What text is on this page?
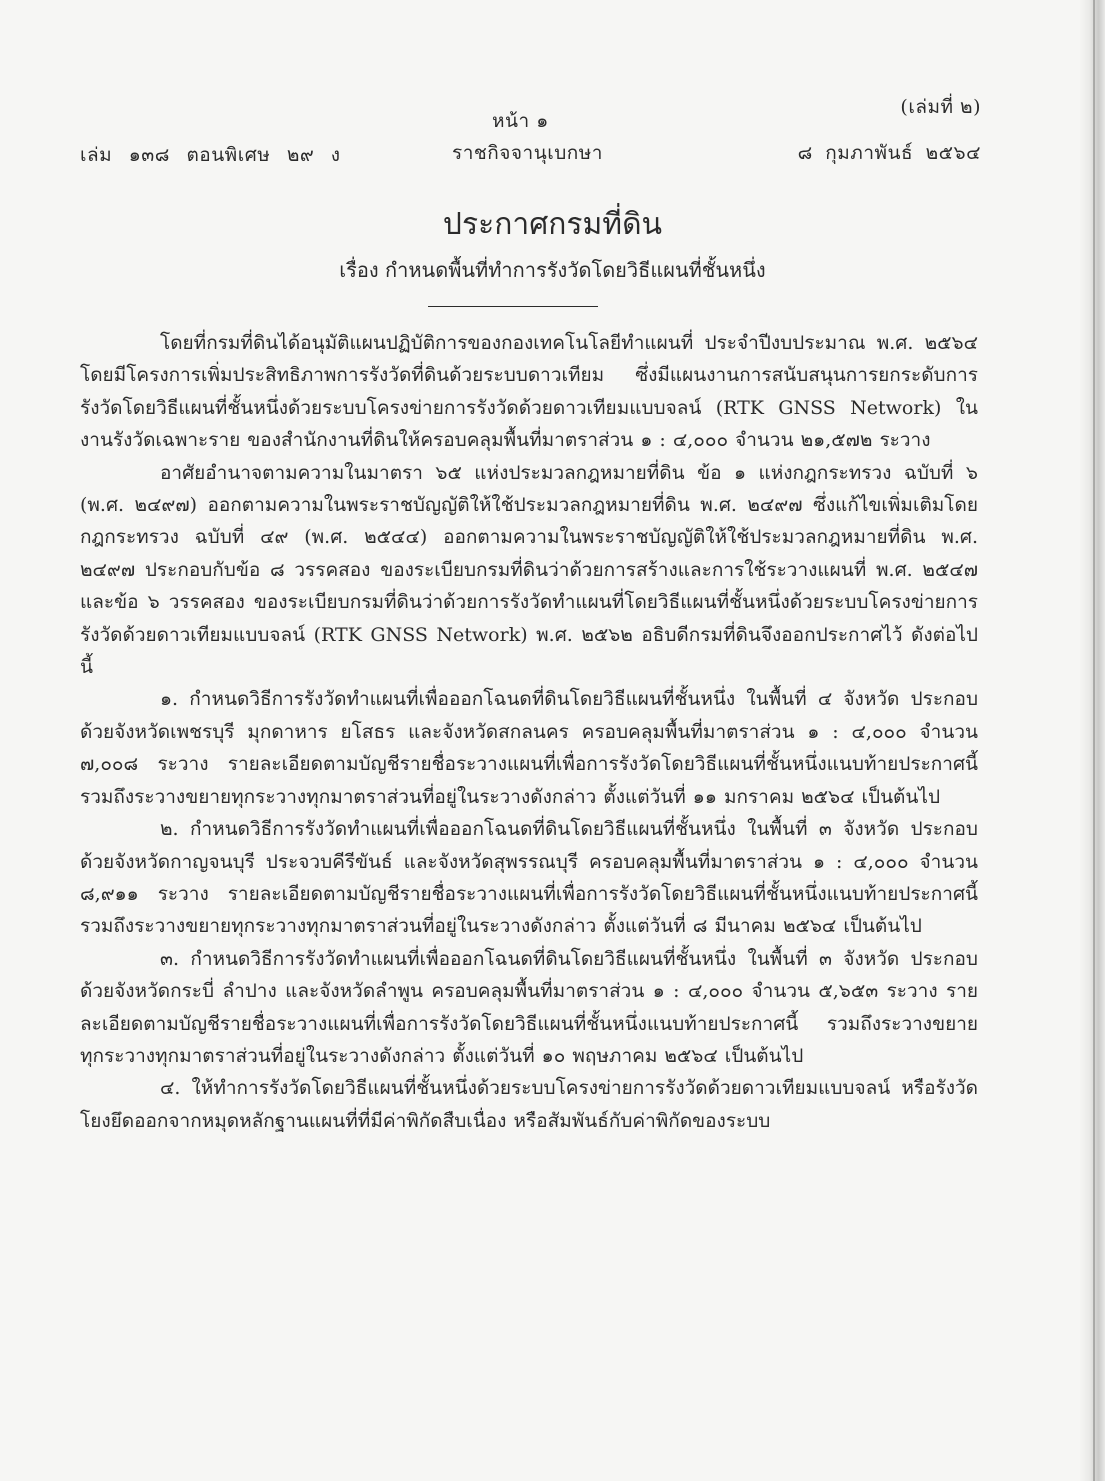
หน้า ๑
(เล่มที่ ๒)
เล่ม ๑๓๘ ตอนพิเศษ ๒๙ ง	ราชกิจจานุเบกษา	๘ กุมภาพันธ์ ๒๕๖๔
ประกาศกรมที่ดิน
เรื่อง กำหนดพื้นที่ทำการรังวัดโดยวิธีแผนที่ชั้นหนึ่ง

โดยที่กรมที่ดินได้อนุมัติแผนปฏิบัติการของกองเทคโนโลยีทำแผนที่ ประจำปีงบประมาณ พ.ศ. ๒๕๖๔ โดยมีโครงการเพิ่มประสิทธิภาพการรังวัดที่ดินด้วยระบบดาวเทียม ซึ่งมีแผนงานการสนับสนุนการยกระดับการรังวัดโดยวิธีแผนที่ชั้นหนึ่งด้วยระบบโครงข่ายการรังวัดด้วยดาวเทียมแบบจลน์ (RTK GNSS Network) ในงานรังวัดเฉพาะราย ของสำนักงานที่ดินให้ครอบคลุมพื้นที่มาตราส่วน ๑ : ๔,๐๐๐ จำนวน ๒๑,๕๗๒ ระวาง

อาศัยอำนาจตามความในมาตรา ๖๕ แห่งประมวลกฎหมายที่ดิน ข้อ ๑ แห่งกฎกระทรวง ฉบับที่ ๖ (พ.ศ. ๒๔๙๗) ออกตามความในพระราชบัญญัติให้ใช้ประมวลกฎหมายที่ดิน พ.ศ. ๒๔๙๗ ซึ่งแก้ไขเพิ่มเติมโดยกฎกระทรวง ฉบับที่ ๔๙ (พ.ศ. ๒๕๔๔) ออกตามความในพระราชบัญญัติให้ใช้ประมวลกฎหมายที่ดิน พ.ศ. ๒๔๙๗ ประกอบกับข้อ ๘ วรรคสอง ของระเบียบกรมที่ดินว่าด้วยการสร้างและการใช้ระวางแผนที่ พ.ศ. ๒๕๔๗ และข้อ ๖ วรรคสอง ของระเบียบกรมที่ดินว่าด้วยการรังวัดทำแผนที่โดยวิธีแผนที่ชั้นหนึ่งด้วยระบบโครงข่ายการรังวัดด้วยดาวเทียมแบบจลน์ (RTK GNSS Network) พ.ศ. ๒๕๖๒ อธิบดีกรมที่ดินจึงออกประกาศไว้ ดังต่อไปนี้

๑. กำหนดวิธีการรังวัดทำแผนที่เพื่อออกโฉนดที่ดินโดยวิธีแผนที่ชั้นหนึ่ง ในพื้นที่ ๔ จังหวัด ประกอบด้วยจังหวัดเพชรบุรี มุกดาหาร ยโสธร และจังหวัดสกลนคร ครอบคลุมพื้นที่มาตราส่วน ๑ : ๔,๐๐๐ จำนวน ๗,๐๐๘ ระวาง รายละเอียดตามบัญชีรายชื่อระวางแผนที่เพื่อการรังวัดโดยวิธีแผนที่ชั้นหนึ่งแนบท้ายประกาศนี้ รวมถึงระวางขยายทุกระวางทุกมาตราส่วนที่อยู่ในระวางดังกล่าว ตั้งแต่วันที่ ๑๑ มกราคม ๒๕๖๔ เป็นต้นไป

๒. กำหนดวิธีการรังวัดทำแผนที่เพื่อออกโฉนดที่ดินโดยวิธีแผนที่ชั้นหนึ่ง ในพื้นที่ ๓ จังหวัด ประกอบด้วยจังหวัดกาญจนบุรี ประจวบคีรีขันธ์ และจังหวัดสุพรรณบุรี ครอบคลุมพื้นที่มาตราส่วน ๑ : ๔,๐๐๐ จำนวน ๘,๙๑๑ ระวาง รายละเอียดตามบัญชีรายชื่อระวางแผนที่เพื่อการรังวัดโดยวิธีแผนที่ชั้นหนึ่งแนบท้ายประกาศนี้ รวมถึงระวางขยายทุกระวางทุกมาตราส่วนที่อยู่ในระวางดังกล่าว ตั้งแต่วันที่ ๘ มีนาคม ๒๕๖๔ เป็นต้นไป

๓. กำหนดวิธีการรังวัดทำแผนที่เพื่อออกโฉนดที่ดินโดยวิธีแผนที่ชั้นหนึ่ง ในพื้นที่ ๓ จังหวัด ประกอบด้วยจังหวัดกระบี่ ลำปาง และจังหวัดลำพูน ครอบคลุมพื้นที่มาตราส่วน ๑ : ๔,๐๐๐ จำนวน ๕,๖๕๓ ระวาง รายละเอียดตามบัญชีรายชื่อระวางแผนที่เพื่อการรังวัดโดยวิธีแผนที่ชั้นหนึ่งแนบท้ายประกาศนี้ รวมถึงระวางขยายทุกระวางทุกมาตราส่วนที่อยู่ในระวางดังกล่าว ตั้งแต่วันที่ ๑๐ พฤษภาคม ๒๕๖๔ เป็นต้นไป

๔. ให้ทำการรังวัดโดยวิธีแผนที่ชั้นหนึ่งด้วยระบบโครงข่ายการรังวัดด้วยดาวเทียมแบบจลน์ หรือรังวัดโยงยึดออกจากหมุดหลักฐานแผนที่ที่มีค่าพิกัดสืบเนื่อง หรือสัมพันธ์กับค่าพิกัดของระบบ
